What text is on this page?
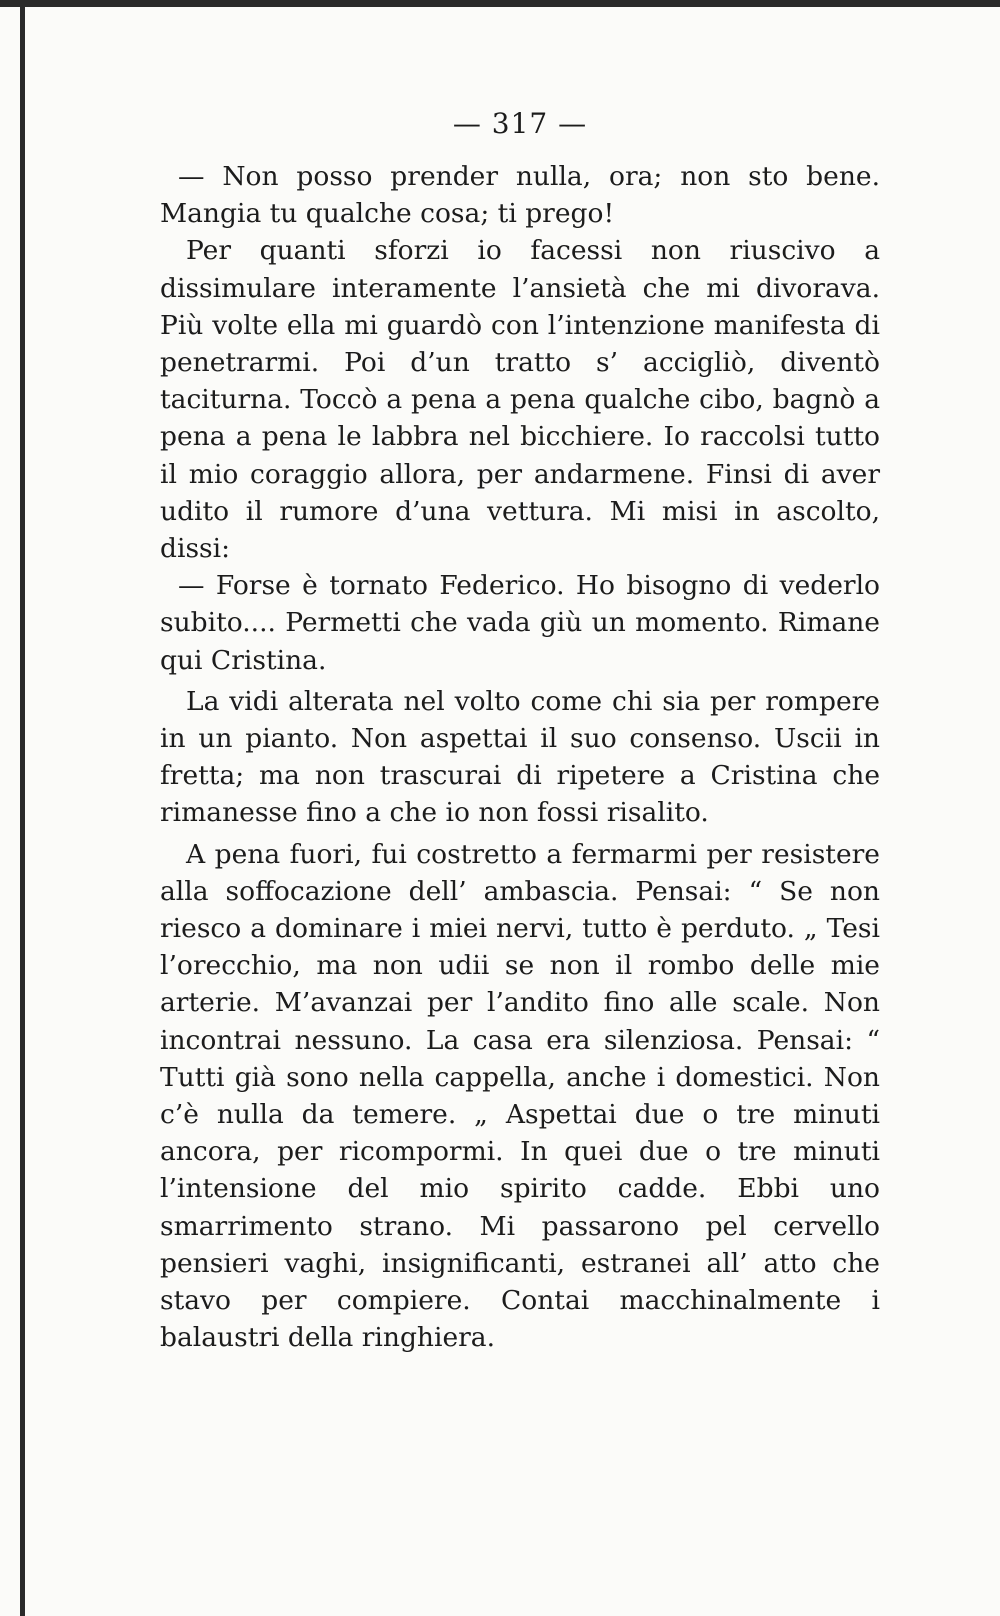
— 317 —

— Non posso prender nulla, ora; non sto bene. Mangia tu qualche cosa; ti prego!

Per quanti sforzi io facessi non riuscivo a dissimulare interamente l’ansietà che mi divorava. Più volte ella mi guardò con l’intenzione manifesta di penetrarmi. Poi d’un tratto s’ accigliò, diventò taciturna. Toccò a pena a pena qualche cibo, bagnò a pena a pena le labbra nel bicchiere. Io raccolsi tutto il mio coraggio allora, per andarmene. Finsi di aver udito il rumore d’una vettura. Mi misi in ascolto, dissi:

— Forse è tornato Federico. Ho bisogno di vederlo subito.... Permetti che vada giù un momento. Rimane qui Cristina.

La vidi alterata nel volto come chi sia per rompere in un pianto. Non aspettai il suo consenso. Uscii in fretta; ma non trascurai di ripetere a Cristina che rimanesse fino a che io non fossi risalito.

A pena fuori, fui costretto a fermarmi per resistere alla soffocazione dell’ ambascia. Pensai: “ Se non riesco a dominare i miei nervi, tutto è perduto. „ Tesi l’orecchio, ma non udii se non il rombo delle mie arterie. M’avanzai per l’andito fino alle scale. Non incontrai nessuno. La casa era silenziosa. Pensai: “ Tutti già sono nella cappella, anche i domestici. Non c’è nulla da temere. „ Aspettai due o tre minuti ancora, per ricompormi. In quei due o tre minuti l’intensione del mio spirito cadde. Ebbi uno smarrimento strano. Mi passarono pel cervello pensieri vaghi, insignificanti, estranei all’ atto che stavo per compiere. Contai macchinalmente i balaustri della ringhiera.
